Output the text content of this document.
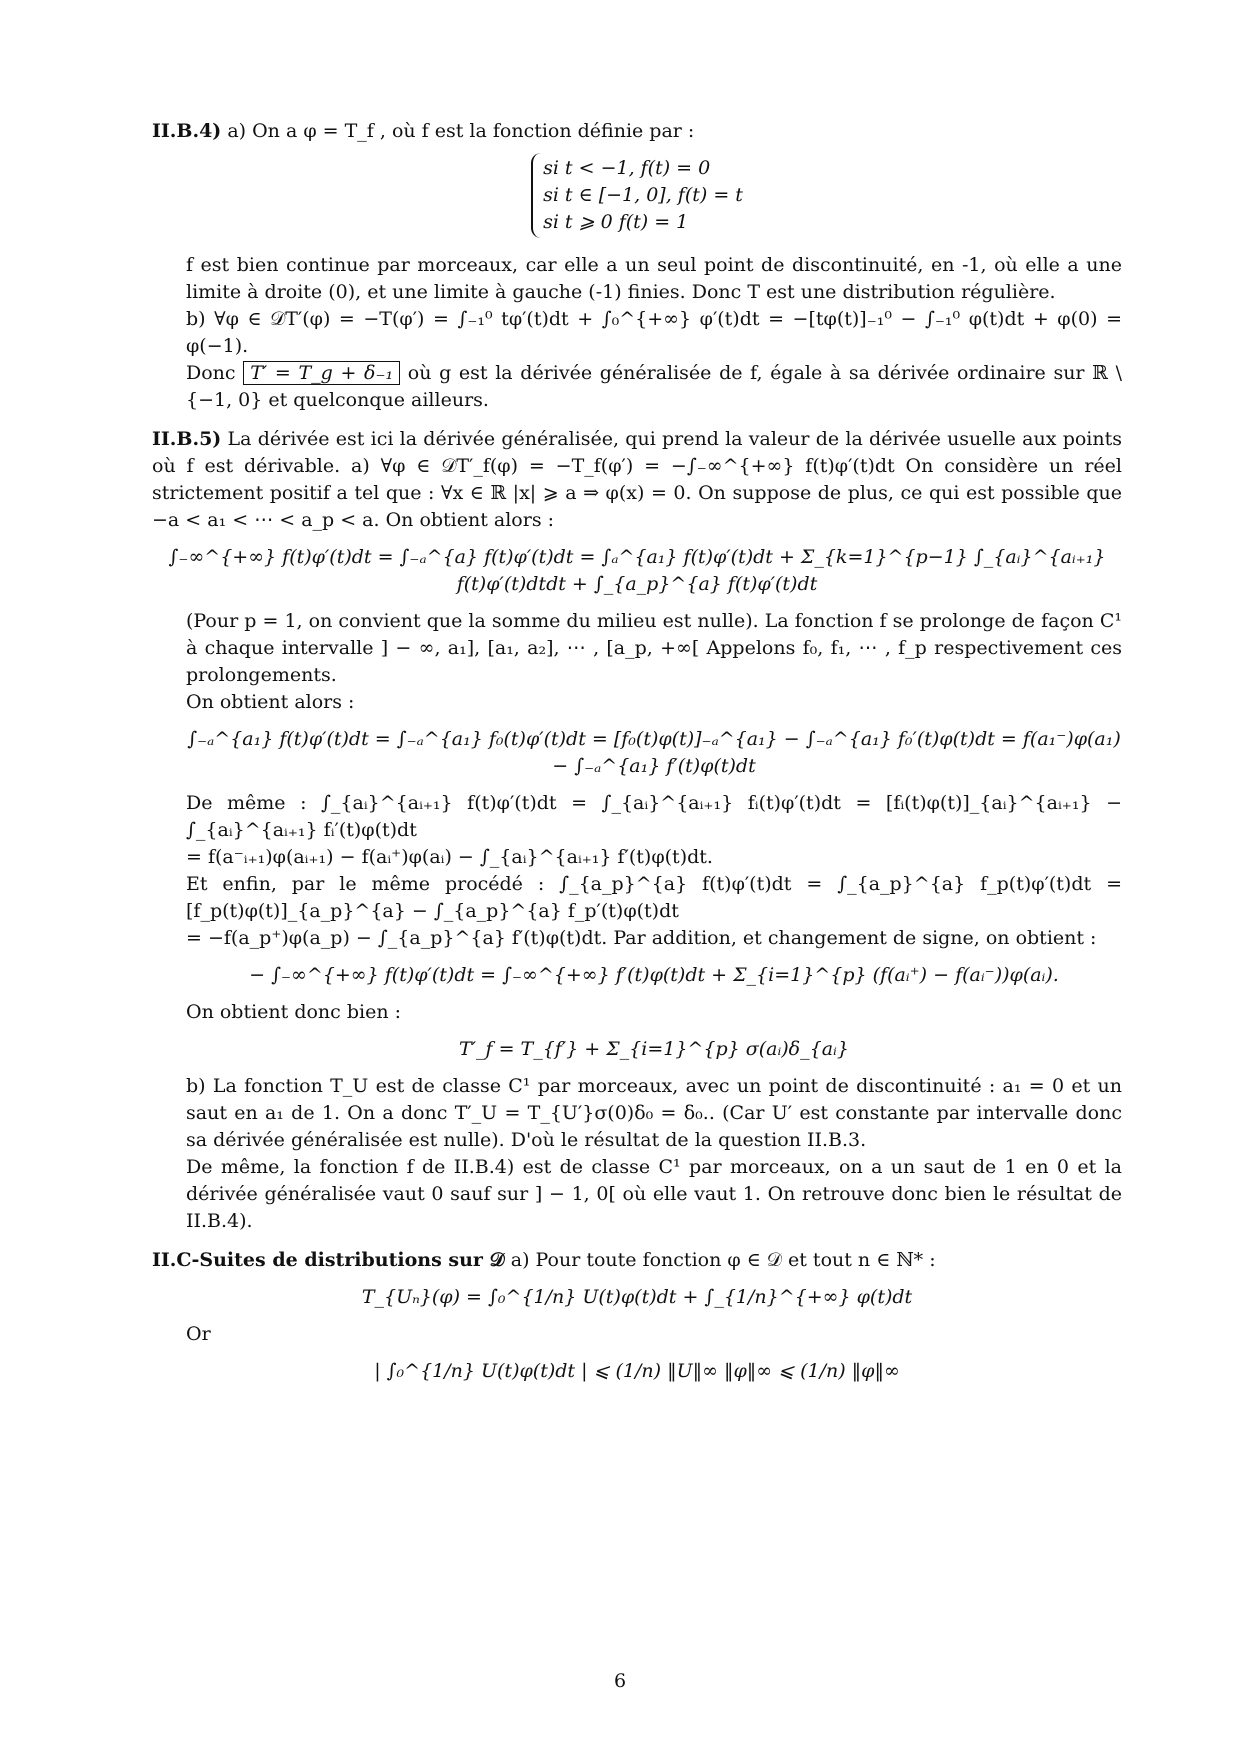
II.B.4) a) On a φ = T_f , où f est la fonction définie par :

si t < −1, f(t) = 0
si t ∈ [−1, 0], f(t) = t
si t ⩾ 0 f(t) = 1

f est bien continue par morceaux, car elle a un seul point de discontinuité, en -1, où elle a une limite à droite (0), et une limite à gauche (-1) finies. Donc T est une distribution régulière.

b) ∀φ ∈ 𝒟T′(φ) = −T(φ′) = ∫₋₁⁰ tφ′(t)dt + ∫₀^{+∞} φ′(t)dt = −[tφ(t)]₋₁⁰ − ∫₋₁⁰ φ(t)dt + φ(0) = φ(−1).

Donc T′ = T_g + δ₋₁ où g est la dérivée généralisée de f, égale à sa dérivée ordinaire sur ℝ \ {−1, 0} et quelconque ailleurs.

II.B.5) La dérivée est ici la dérivée généralisée, qui prend la valeur de la dérivée usuelle aux points où f est dérivable. a) ∀φ ∈ 𝒟T′_f(φ) = −T_f(φ′) = −∫₋∞^{+∞} f(t)φ′(t)dt On considère un réel strictement positif a tel que : ∀x ∈ ℝ |x| ⩾ a ⇒ φ(x) = 0. On suppose de plus, ce qui est possible que −a < a₁ < ⋯ < a_p < a. On obtient alors :

∫₋∞^{+∞} f(t)φ′(t)dt = ∫₋ₐ^{a} f(t)φ′(t)dt = ∫ₐ^{a₁} f(t)φ′(t)dt + Σ_{k=1}^{p−1} ∫_{aᵢ}^{aᵢ₊₁} f(t)φ′(t)dtdt + ∫_{a_p}^{a} f(t)φ′(t)dt

(Pour p = 1, on convient que la somme du milieu est nulle). La fonction f se prolonge de façon C¹ à chaque intervalle ] − ∞, a₁], [a₁, a₂], ⋯ , [a_p, +∞[ Appelons f₀, f₁, ⋯ , f_p respectivement ces prolongements.

On obtient alors :

∫₋ₐ^{a₁} f(t)φ′(t)dt = ∫₋ₐ^{a₁} f₀(t)φ′(t)dt = [f₀(t)φ(t)]₋ₐ^{a₁} − ∫₋ₐ^{a₁} f₀′(t)φ(t)dt = f(a₁⁻)φ(a₁) − ∫₋ₐ^{a₁} f′(t)φ(t)dt

De même : ∫_{aᵢ}^{aᵢ₊₁} f(t)φ′(t)dt = ∫_{aᵢ}^{aᵢ₊₁} fᵢ(t)φ′(t)dt = [fᵢ(t)φ(t)]_{aᵢ}^{aᵢ₊₁} − ∫_{aᵢ}^{aᵢ₊₁} fᵢ′(t)φ(t)dt

= f(a⁻ᵢ₊₁)φ(aᵢ₊₁) − f(aᵢ⁺)φ(aᵢ) − ∫_{aᵢ}^{aᵢ₊₁} f′(t)φ(t)dt.

Et enfin, par le même procédé : ∫_{a_p}^{a} f(t)φ′(t)dt = ∫_{a_p}^{a} f_p(t)φ′(t)dt = [f_p(t)φ(t)]_{a_p}^{a} − ∫_{a_p}^{a} f_p′(t)φ(t)dt

= −f(a_p⁺)φ(a_p) − ∫_{a_p}^{a} f′(t)φ(t)dt. Par addition, et changement de signe, on obtient :

− ∫₋∞^{+∞} f(t)φ′(t)dt = ∫₋∞^{+∞} f′(t)φ(t)dt + Σ_{i=1}^{p} (f(aᵢ⁺) − f(aᵢ⁻))φ(aᵢ).

On obtient donc bien :

T′_f = T_{f′} + Σ_{i=1}^{p} σ(aᵢ)δ_{aᵢ}

b) La fonction T_U est de classe C¹ par morceaux, avec un point de discontinuité : a₁ = 0 et un saut en a₁ de 1. On a donc T′_U = T_{U′}σ(0)δ₀ = δ₀.. (Car U′ est constante par intervalle donc sa dérivée généralisée est nulle). D'où le résultat de la question II.B.3.

De même, la fonction f de II.B.4) est de classe C¹ par morceaux, on a un saut de 1 en 0 et la dérivée généralisée vaut 0 sauf sur ] − 1, 0[ où elle vaut 1. On retrouve donc bien le résultat de II.B.4).

II.C-Suites de distributions sur 𝒟 a) Pour toute fonction φ ∈ 𝒟 et tout n ∈ ℕ* :

T_{Uₙ}(φ) = ∫₀^{1/n} U(t)φ(t)dt + ∫_{1/n}^{+∞} φ(t)dt

Or

| ∫₀^{1/n} U(t)φ(t)dt | ⩽ (1/n) ‖U‖∞ ‖φ‖∞ ⩽ (1/n) ‖φ‖∞
6
